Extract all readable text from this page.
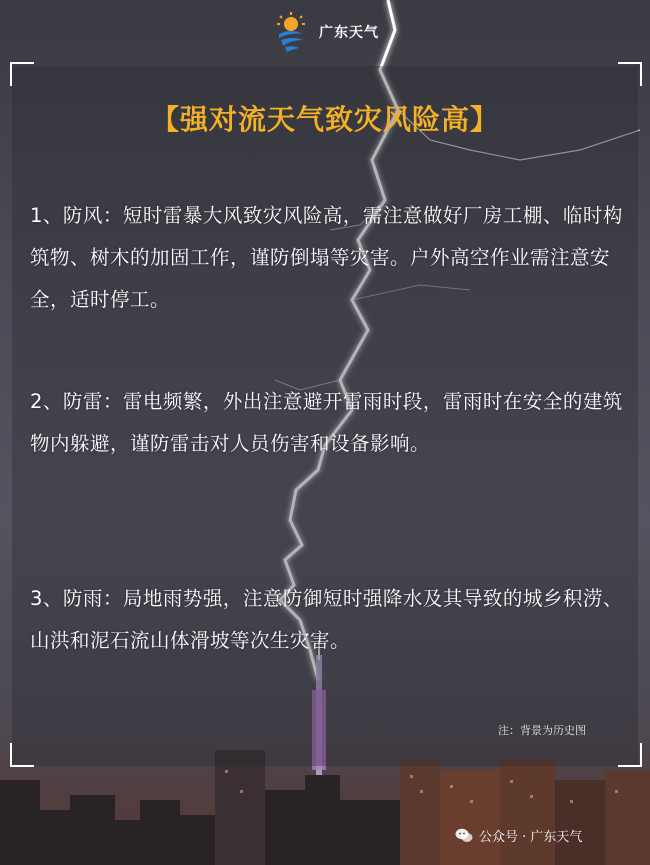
广东天气
【强对流天气致灾风险高】
1、防风：短时雷暴大风致灾风险高，需注意做好厂房工棚、临时构筑物、树木的加固工作，谨防倒塌等灾害。户外高空作业需注意安全，适时停工。
2、防雷：雷电频繁，外出注意避开雷雨时段，雷雨时在安全的建筑物内躲避，谨防雷击对人员伤害和设备影响。
3、防雨：局地雨势强，注意防御短时强降水及其导致的城乡积涝、山洪和泥石流山体滑坡等次生灾害。
注：背景为历史图
公众号 · 广东天气
